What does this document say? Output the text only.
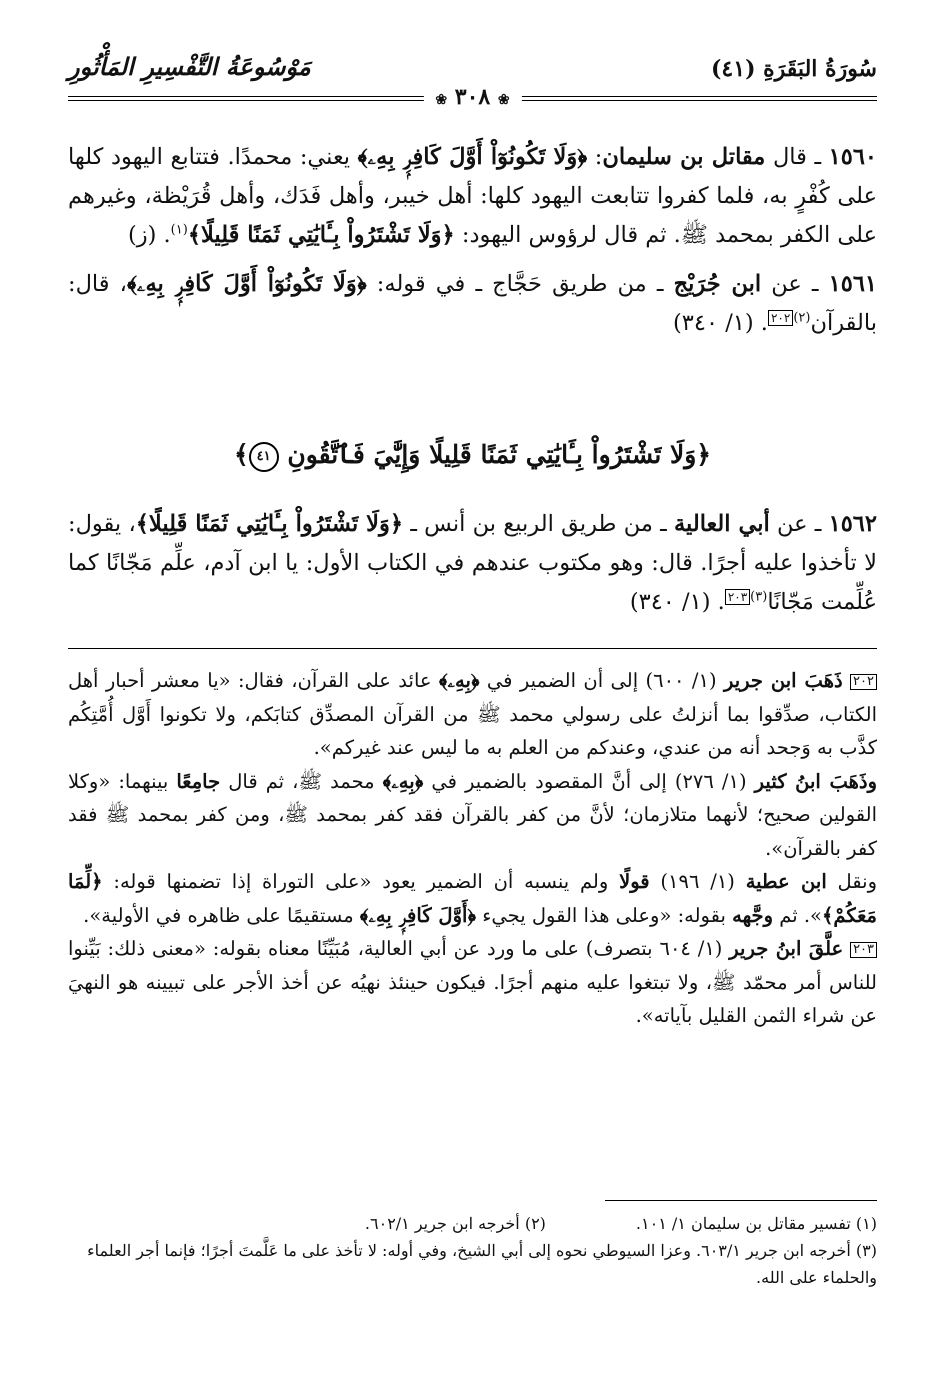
سُورَةُ البَقَرَةِ (٤١)
مَوْسُوعَةُ التَّفْسِيرِ المَأْثُورِ
❀ ٣٠٨ ❀

١٥٦٠ ـ قال مقاتل بن سليمان: ﴿وَلَا تَكُونُوٓاْ أَوَّلَ كَافِرِۭ بِهِۦ﴾ يعني: محمدًا. فتتابع اليهود كلها على كُفْرٍ به، فلما كفروا تتابعت اليهود كلها: أهل خيبر، وأهل فَدَك، وأهل قُرَيْظة، وغيرهم على الكفر بمحمد ﷺ. ثم قال لرؤوس اليهود: ﴿وَلَا تَشْتَرُواْ بِـَٔايَٰتِي ثَمَنًا قَلِيلًا﴾$^{(١)}$. (ز)

١٥٦١ ـ عن ابن جُرَيْج ـ من طريق حَجَّاج ـ في قوله: ﴿وَلَا تَكُونُوٓاْ أَوَّلَ كَافِرِۭ بِهِۦ﴾، قال: بالقرآن$^{(٢)}$٢٠٢. (١/ ٣٤٠)

﴿وَلَا تَشْتَرُواْ بِـَٔايَٰتِي ثَمَنًا قَلِيلًا وَإِيَّٰيَ فَٱتَّقُونِ ٤١﴾

١٥٦٢ ـ عن أبي العالية ـ من طريق الربيع بن أنس ـ ﴿وَلَا تَشْتَرُواْ بِـَٔايَٰتِي ثَمَنًا قَلِيلًا﴾، يقول: لا تأخذوا عليه أجرًا. قال: وهو مكتوب عندهم في الكتاب الأول: يا ابن آدم، علِّم مَجّانًا كما عُلِّمت مَجّانًا$^{(٣)}$٢٠٣. (١/ ٣٤٠)

٢٠٢ ذَهَبَ ابن جرير (١/ ٦٠٠) إلى أن الضمير في ﴿بِهِۦ﴾ عائد على القرآن، فقال: «يا معشر أحبار أهل الكتاب، صدِّقوا بما أنزلتُ على رسولي محمد ﷺ من القرآن المصدِّق كتابَكم، ولا تكونوا أَوَّل أُمَّتِكُم كذَّب به وَجحد أنه من عندي، وعندكم من العلم به ما ليس عند غيركم».

وذَهَبَ ابنُ كثير (١/ ٢٧٦) إلى أنَّ المقصود بالضمير في ﴿بِهِۦ﴾ محمد ﷺ، ثم قال جامِعًا بينهما: «وكلا القولين صحيح؛ لأنهما متلازمان؛ لأنَّ من كفر بالقرآن فقد كفر بمحمد ﷺ، ومن كفر بمحمد ﷺ فقد كفر بالقرآن».

ونقل ابن عطية (١/ ١٩٦) قولًا ولم ينسبه أن الضمير يعود «على التوراة إذا تضمنها قوله: ﴿لِّمَا مَعَكُمْ﴾». ثم وجَّهه بقوله: «وعلى هذا القول يجيء ﴿أَوَّلَ كَافِرِۭ بِهِۦ﴾ مستقيمًا على ظاهره في الأولية».

٢٠٣ علَّقَ ابنُ جرير (١/ ٦٠٤ بتصرف) على ما ورد عن أبي العالية، مُبَيِّنًا معناه بقوله: «معنى ذلك: بَيِّنوا للناس أمر محمّد ﷺ، ولا تبتغوا عليه منهم أجرًا. فيكون حينئذ نهيُه عن أخذ الأجر على تبيينه هو النهيَ عن شراء الثمن القليل بآياته».

(١) تفسير مقاتل بن سليمان ١/ ١٠١.
(٢) أخرجه ابن جرير ٦٠٢/١.

(٣) أخرجه ابن جرير ٦٠٣/١. وعزا السيوطي نحوه إلى أبي الشيخ، وفي أوله: لا تأخذ على ما عَلَّمتَ أجرًا؛ فإنما أجر العلماء والحلماء على الله.
